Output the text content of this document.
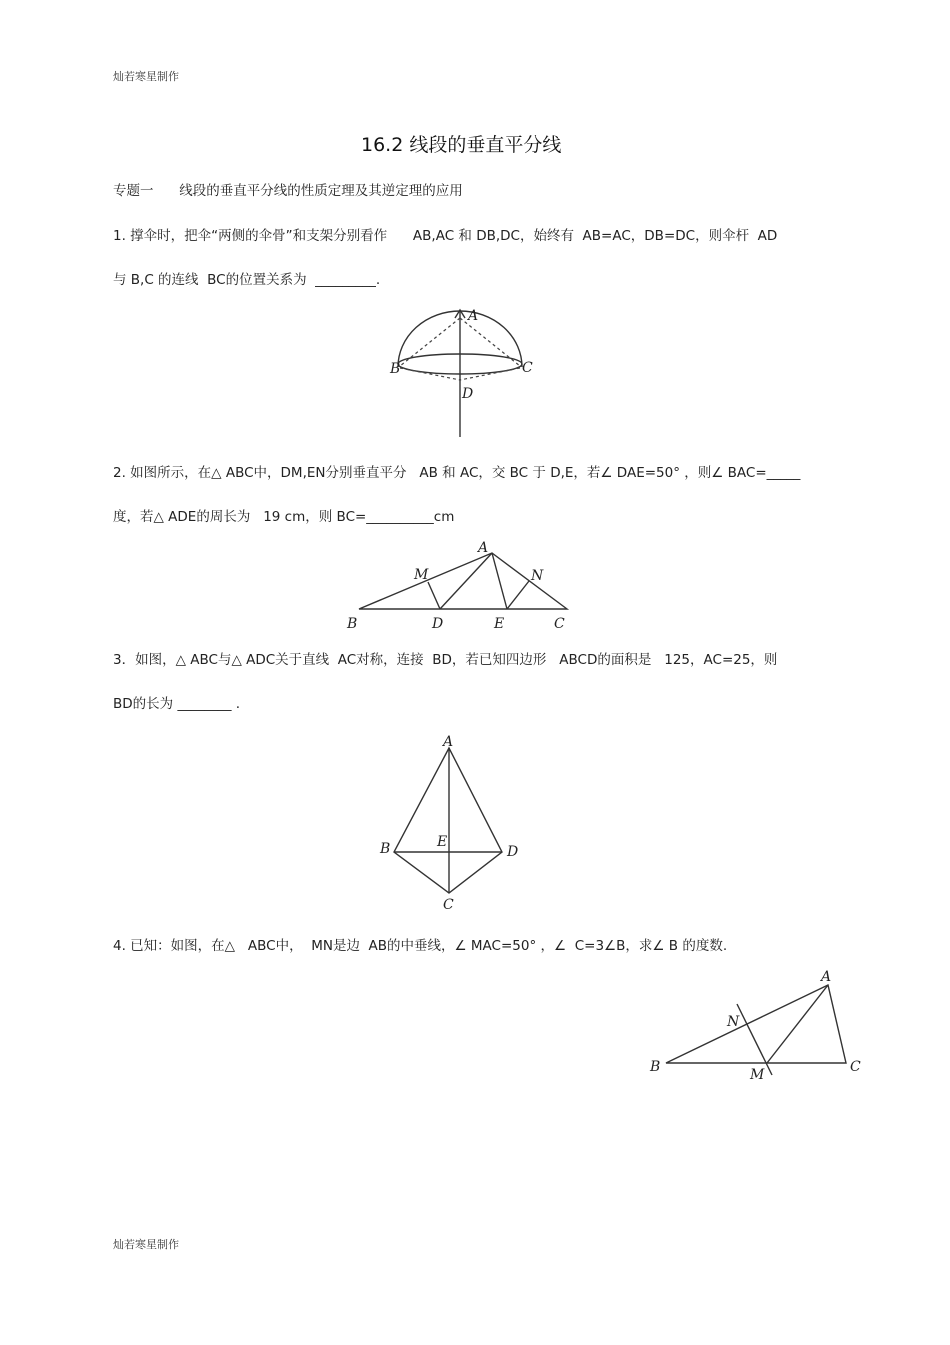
灿若寒星制作
16.2 线段的垂直平分线
专题一      线段的垂直平分线的性质定理及其逆定理的应用
1. 撑伞时，把伞“两侧的伞骨”和支架分别看作      AB,AC 和 DB,DC，始终有  AB=AC，DB=DC，则伞杆  AD
与 B,C 的连线  BC的位置关系为  _________.
A
B	C
D
2. 如图所示，在△ ABC中，DM,EN分别垂直平分   AB 和 AC，交 BC 于 D,E，若∠ DAE=50° ，则∠ BAC=_____
度，若△ ADE的周长为   19 cm，则 BC=__________cm
A
M	N
B	D	E	C
3．如图，△ ABC与△ ADC关于直线  AC对称，连接  BD，若已知四边形   ABCD的面积是   125，AC=25，则
BD的长为 ________ .
A
B	E
D
C
4. 已知：如图，在△   ABC中，  MN是边  AB的中垂线，∠ MAC=50° ，∠  C=3∠B，求∠ B 的度数.
A
N
B	M	C
灿若寒星制作
